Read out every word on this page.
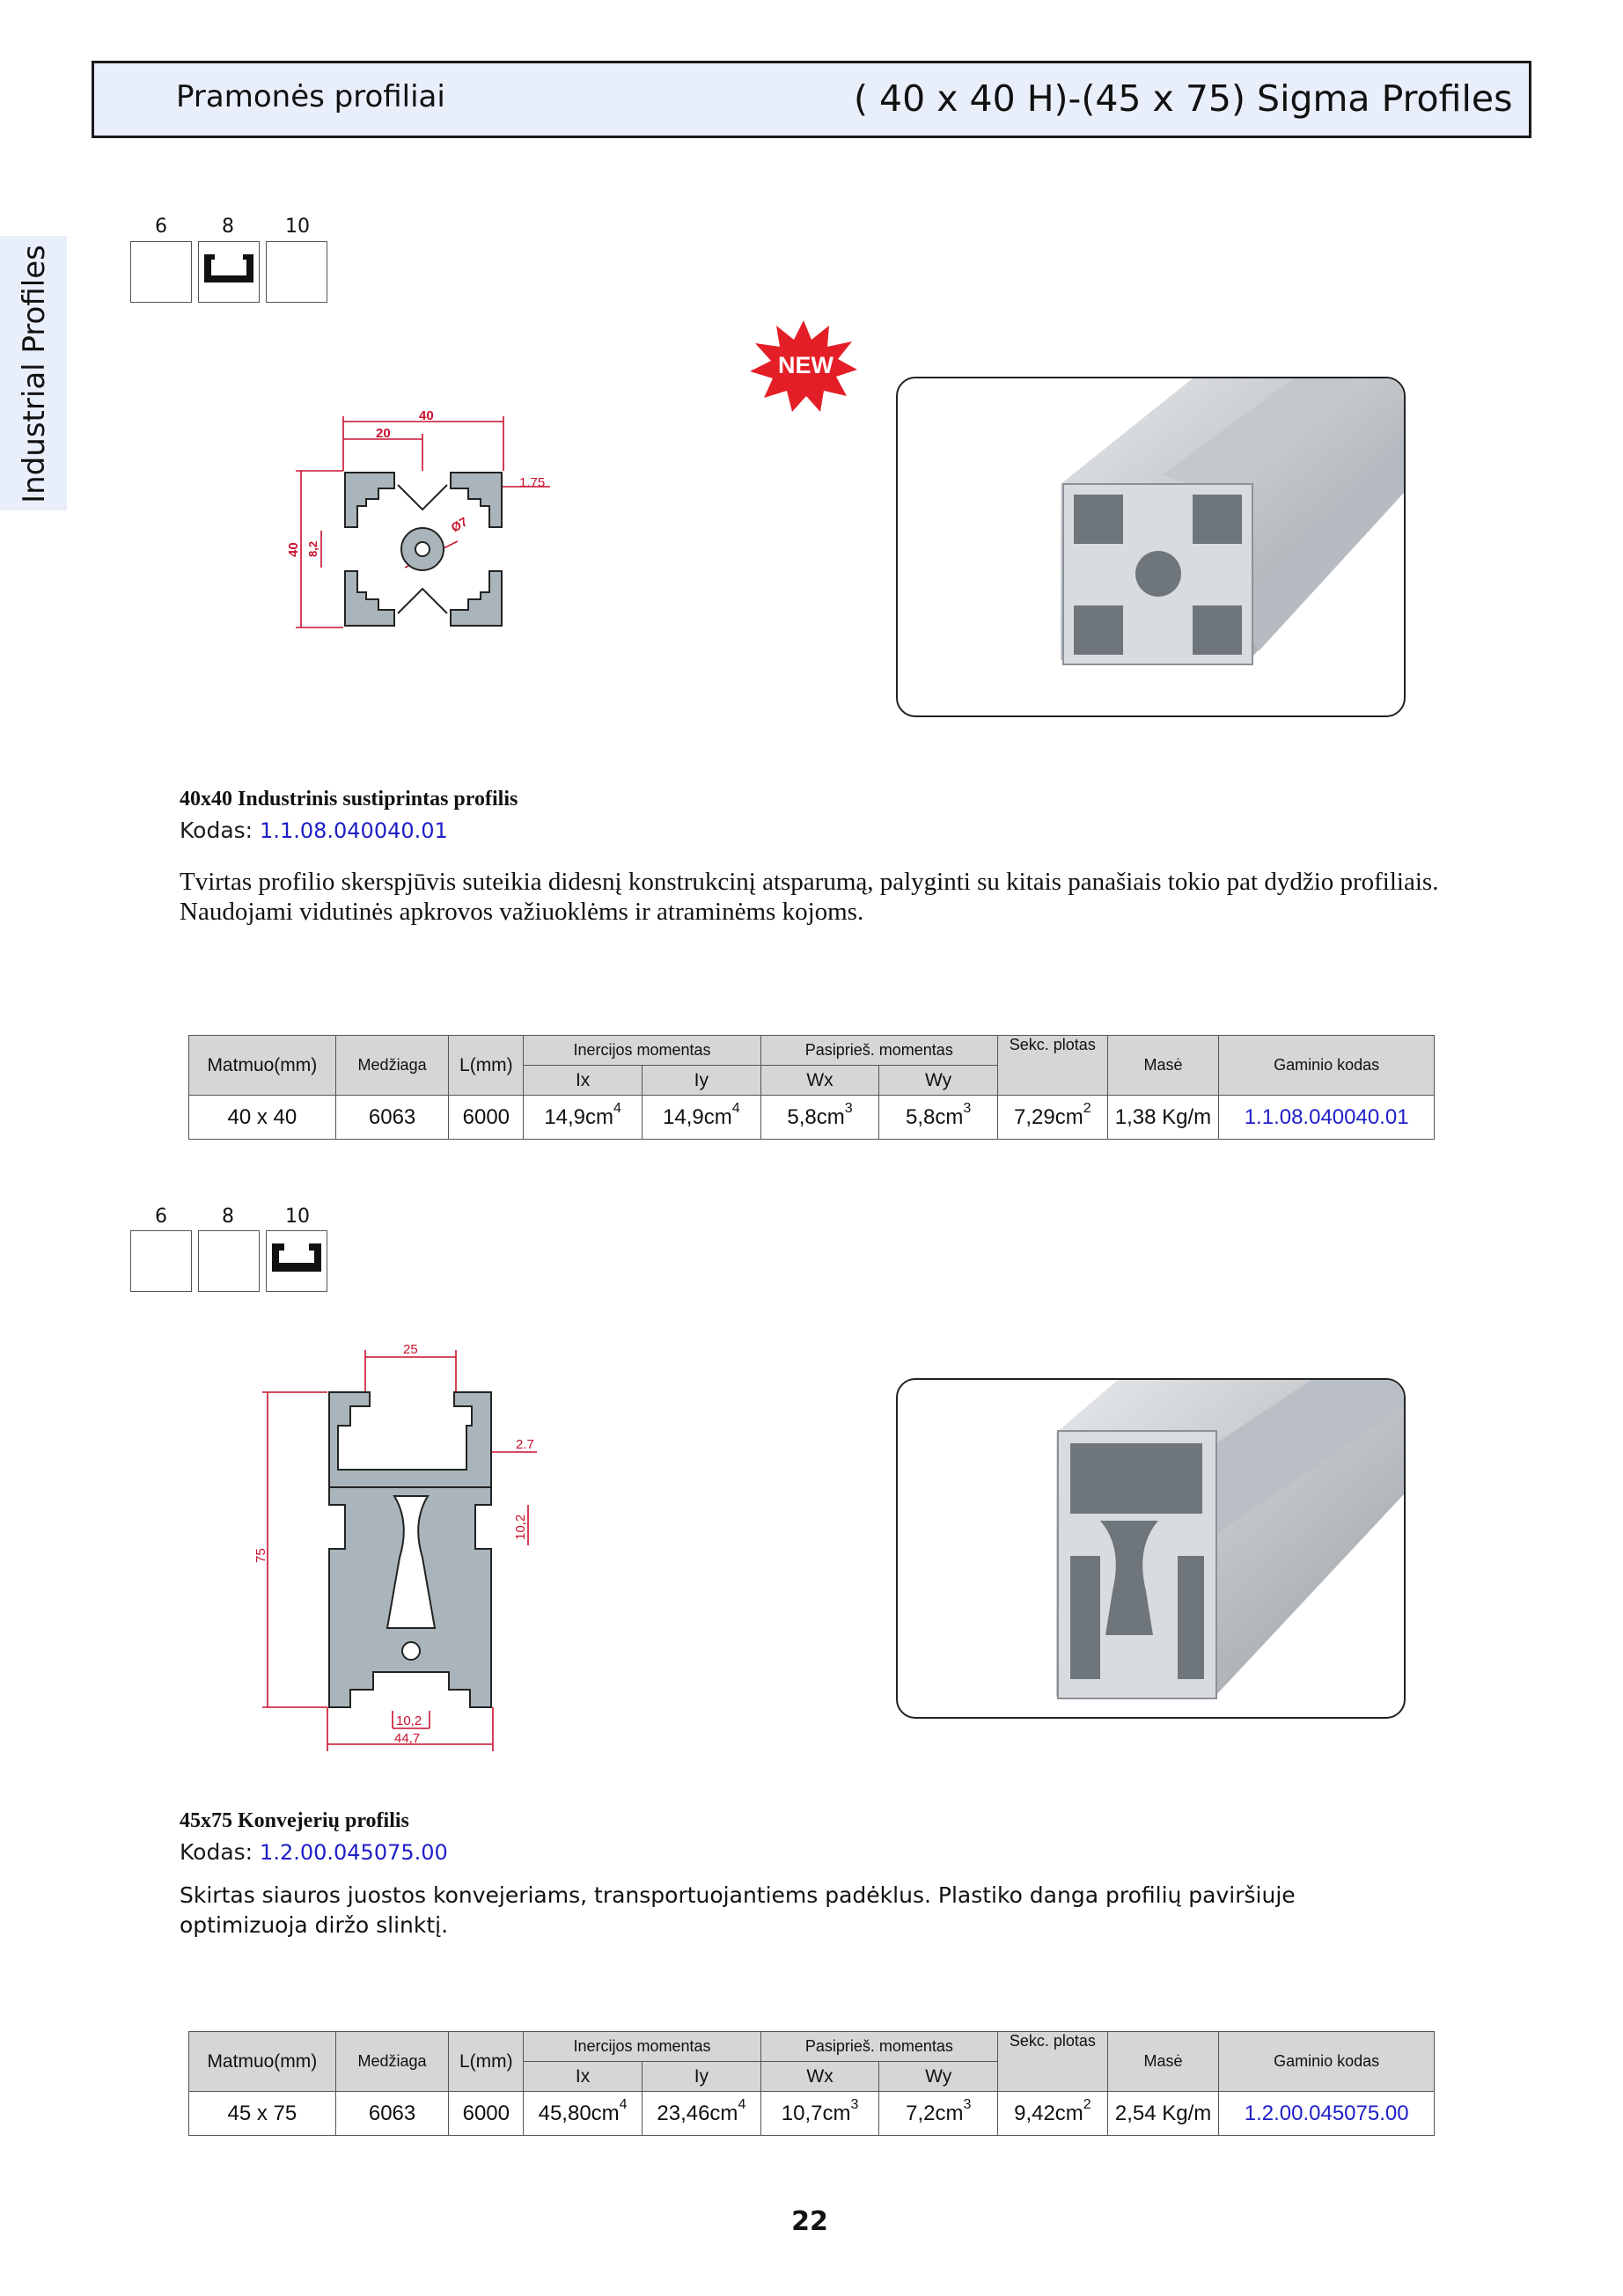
Pramonės profiliai	( 40 x 40 H)-(45 x 75) Sigma Profiles
Industrial Profiles
6	8	10
NEW
40
20
1.75
40 8,2
Ø7
40x40 Industrinis sustiprintas profilis
Kodas: 1.1.08.040040.01
Tvirtas profilio skerspjūvis suteikia didesnį konstrukcinį atsparumą, palyginti su kitais panašiais tokio pat dydžio profiliais. Naudojami vidutinės apkrovos važiuoklėms ir atraminėms kojoms.
Matmuo(mm)	Medžiaga	L(mm)	Inercijos momentas		Pasiprieš. momentas		Sekc. plotas	Masė	Gaminio kodas
			Ix	Iy	Wx	Wy			
40 x 40	6063	6000	$14,9cm^4$	$14,9cm^4$	$5,8cm^3$	$5,8cm^3$	$7,29cm^2$	1,38 Kg/m	1.1.08.040040.01
6	8	10
25
2.7
75
10,2
10,2
44,7
45x75 Konvejerių profilis
Kodas: 1.2.00.045075.00
Skirtas siauros juostos konvejeriams, transportuojantiems padėklus. Plastiko danga profilių paviršiuje optimizuoja diržo slinktį.
Matmuo(mm)	Medžiaga	L(mm)	Inercijos momentas		Pasiprieš. momentas		Sekc. plotas	Masė	Gaminio kodas
			Ix	Iy	Wx	Wy			
45 x 75	6063	6000	$45,80cm^4$	$23,46cm^4$	$10,7cm^3$	$7,2cm^3$	$9,42cm^2$	2,54 Kg/m	1.2.00.045075.00
22
